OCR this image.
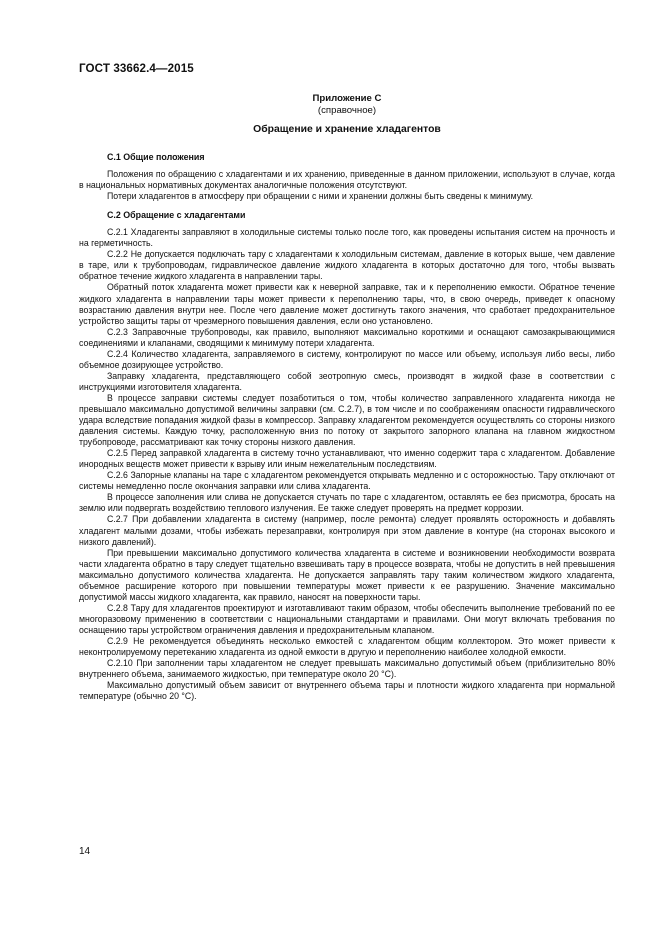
ГОСТ 33662.4—2015
Приложение С
(справочное)
Обращение и хранение хладагентов
С.1 Общие положения

Положения по обращению с хладагентами и их хранению, приведенные в данном приложении, используют в случае, когда в национальных нормативных документах аналогичные положения отсутствуют.

Потери хладагентов в атмосферу при обращении с ними и хранении должны быть сведены к минимуму.

С.2 Обращение с хладагентами

С.2.1 Хладагенты заправляют в холодильные системы только после того, как проведены испытания систем на прочность и на герметичность.

С.2.2 Не допускается подключать тару с хладагентами к холодильным системам, давление в которых выше, чем давление в таре, или к трубопроводам, гидравлическое давление жидкого хладагента в которых достаточно для того, чтобы вызвать обратное течение жидкого хладагента в направлении тары.

Обратный поток хладагента может привести как к неверной заправке, так и к переполнению емкости. Обратное течение жидкого хладагента в направлении тары может привести к переполнению тары, что, в свою очередь, приведет к опасному возрастанию давления внутри нее. После чего давление может достигнуть такого значения, что сработает предохранительное устройство защиты тары от чрезмерного повышения давления, если оно установлено.

С.2.3 Заправочные трубопроводы, как правило, выполняют максимально короткими и оснащают самозакрывающимися соединениями и клапанами, сводящими к минимуму потери хладагента.

С.2.4 Количество хладагента, заправляемого в систему, контролируют по массе или объему, используя либо весы, либо объемное дозирующее устройство.

Заправку хладагента, представляющего собой зеотропную смесь, производят в жидкой фазе в соответствии с инструкциями изготовителя хладагента.

В процессе заправки системы следует позаботиться о том, чтобы количество заправленного хладагента никогда не превышало максимально допустимой величины заправки (см. С.2.7), в том числе и по соображениям опасности гидравлического удара вследствие попадания жидкой фазы в компрессор. Заправку хладагентом рекомендуется осуществлять со стороны низкого давления системы. Каждую точку, расположенную вниз по потоку от закрытого запорного клапана на главном жидкостном трубопроводе, рассматривают как точку стороны низкого давления.

С.2.5 Перед заправкой хладагента в систему точно устанавливают, что именно содержит тара с хладагентом. Добавление инородных веществ может привести к взрыву или иным нежелательным последствиям.

С.2.6 Запорные клапаны на таре с хладагентом рекомендуется открывать медленно и с осторожностью. Тару отключают от системы немедленно после окончания заправки или слива хладагента.

В процессе заполнения или слива не допускается стучать по таре с хладагентом, оставлять ее без присмотра, бросать на землю или подвергать воздействию теплового излучения. Ее также следует проверять на предмет коррозии.

С.2.7 При добавлении хладагента в систему (например, после ремонта) следует проявлять осторожность и добавлять хладагент малыми дозами, чтобы избежать перезаправки, контролируя при этом давление в контуре (на сторонах высокого и низкого давлений).

При превышении максимально допустимого количества хладагента в системе и возникновении необходимости возврата части хладагента обратно в тару следует тщательно взвешивать тару в процессе возврата, чтобы не допустить в ней превышения максимально допустимого количества хладагента. Не допускается заправлять тару таким количеством жидкого хладагента, объемное расширение которого при повышении температуры может привести к ее разрушению. Значение максимально допустимой массы жидкого хладагента, как правило, наносят на поверхности тары.

С.2.8 Тару для хладагентов проектируют и изготавливают таким образом, чтобы обеспечить выполнение требований по ее многоразовому применению в соответствии с национальными стандартами и правилами. Они могут включать требования по оснащению тары устройством ограничения давления и предохранительным клапаном.

С.2.9 Не рекомендуется объединять несколько емкостей с хладагентом общим коллектором. Это может привести к неконтролируемому перетеканию хладагента из одной емкости в другую и переполнению наиболее холодной емкости.

С.2.10 При заполнении тары хладагентом не следует превышать максимально допустимый объем (приблизительно 80% внутреннего объема, занимаемого жидкостью, при температуре около 20 °С).

Максимально допустимый объем зависит от внутреннего объема тары и плотности жидкого хладагента при нормальной температуре (обычно 20 °С).

14
